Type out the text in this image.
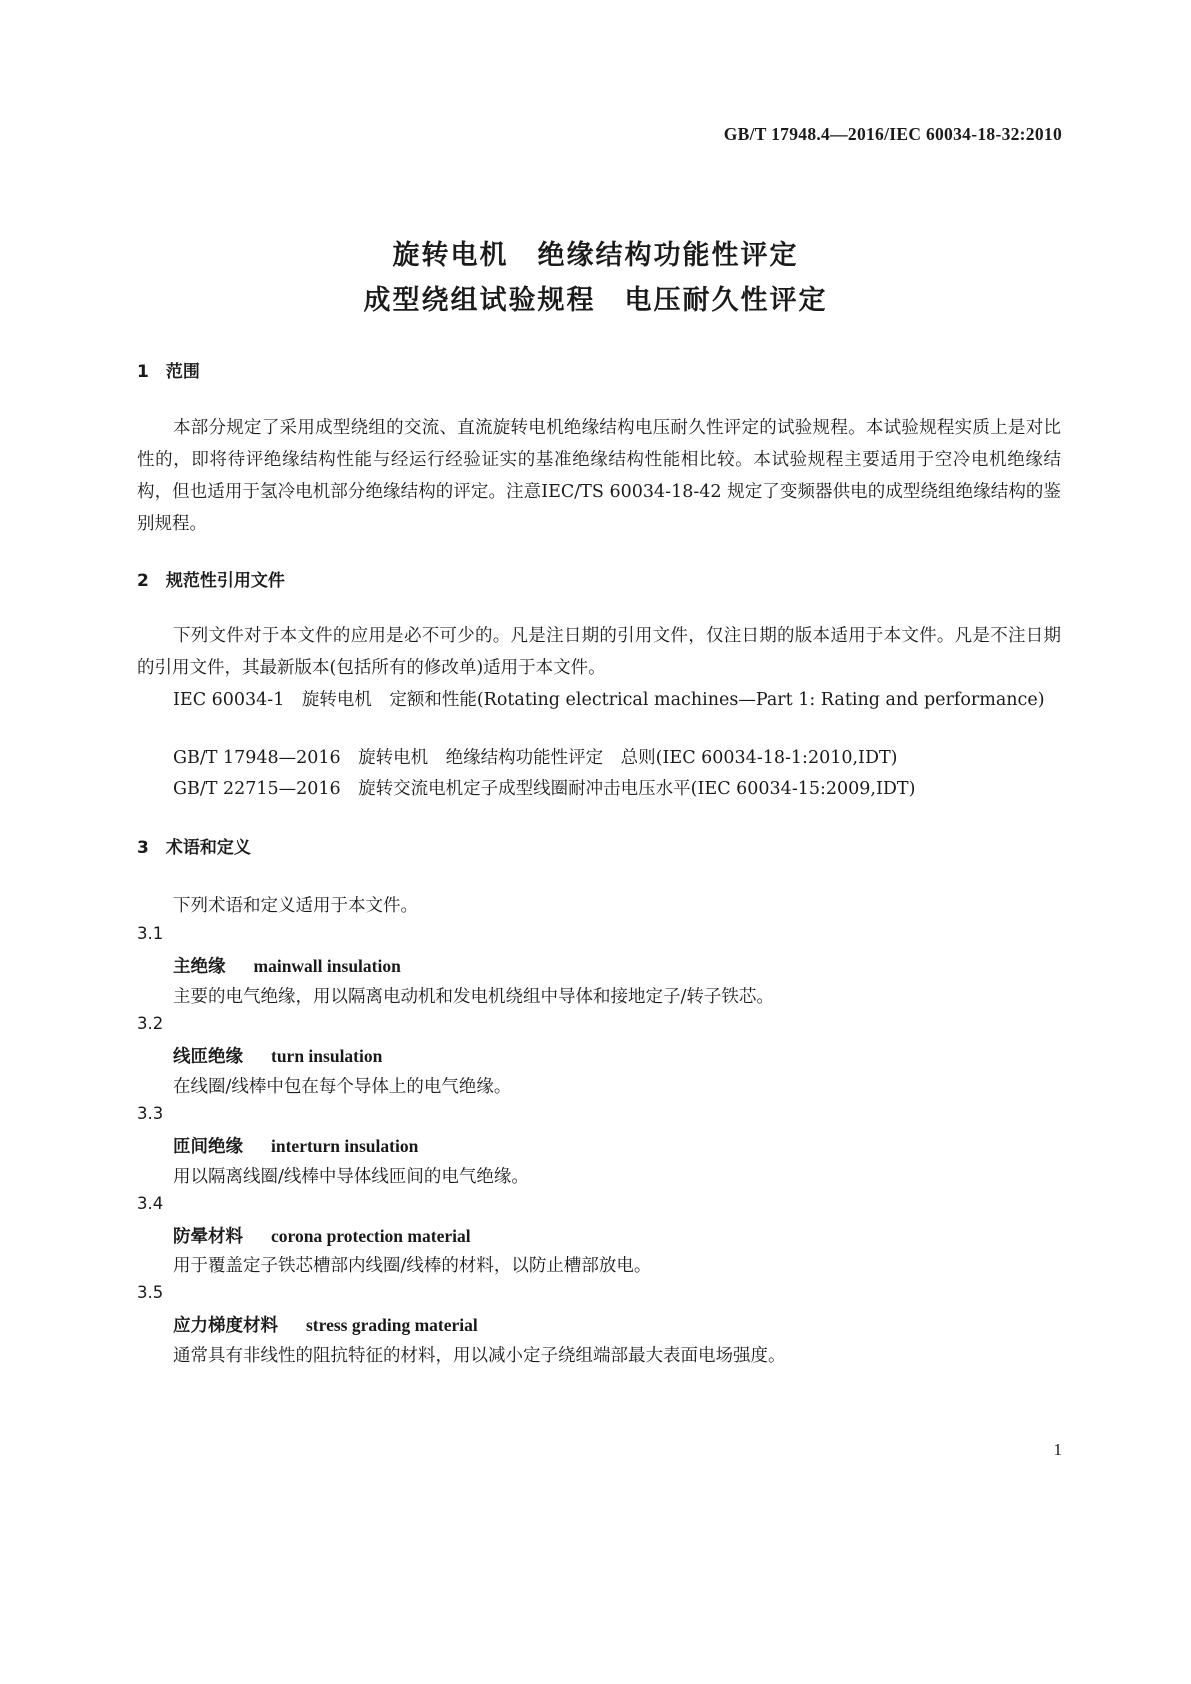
GB/T 17948.4—2016/IEC 60034-18-32:2010
旋转电机　绝缘结构功能性评定
成型绕组试验规程　电压耐久性评定
1　范围
本部分规定了采用成型绕组的交流、直流旋转电机绝缘结构电压耐久性评定的试验规程。本试验规程实质上是对比性的，即将待评绝缘结构性能与经运行经验证实的基准绝缘结构性能相比较。本试验规程主要适用于空冷电机绝缘结构，但也适用于氢冷电机部分绝缘结构的评定。注意IEC/TS 60034-18-42 规定了变频器供电的成型绕组绝缘结构的鉴别规程。
2　规范性引用文件
下列文件对于本文件的应用是必不可少的。凡是注日期的引用文件，仅注日期的版本适用于本文件。凡是不注日期的引用文件，其最新版本(包括所有的修改单)适用于本文件。
IEC 60034-1　旋转电机　定额和性能(Rotating electrical machines—Part 1: Rating and performance)
GB/T 17948—2016　旋转电机　绝缘结构功能性评定　总则(IEC 60034-18-1:2010,IDT)
GB/T 22715—2016　旋转交流电机定子成型线圈耐冲击电压水平(IEC 60034-15:2009,IDT)
3　术语和定义
下列术语和定义适用于本文件。
3.1
主绝缘 mainwall insulation
主要的电气绝缘，用以隔离电动机和发电机绕组中导体和接地定子/转子铁芯。
3.2
线匝绝缘 turn insulation
在线圈/线棒中包在每个导体上的电气绝缘。
3.3
匝间绝缘 interturn insulation
用以隔离线圈/线棒中导体线匝间的电气绝缘。
3.4
防晕材料 corona protection material
用于覆盖定子铁芯槽部内线圈/线棒的材料，以防止槽部放电。
3.5
应力梯度材料 stress grading material
通常具有非线性的阻抗特征的材料，用以减小定子绕组端部最大表面电场强度。
1
